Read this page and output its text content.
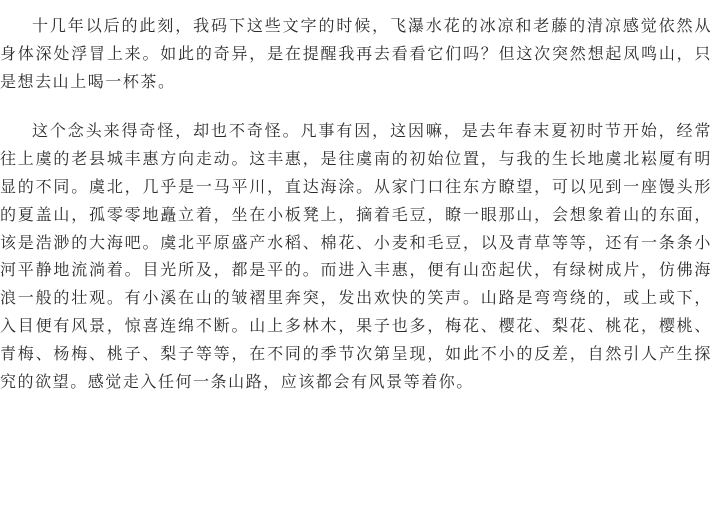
十几年以后的此刻，我码下这些文字的时候，飞瀑水花的冰凉和老藤的清凉感觉依然从身体深处浮冒上来。如此的奇异，是在提醒我再去看看它们吗？但这次突然想起凤鸣山，只是想去山上喝一杯茶。

这个念头来得奇怪，却也不奇怪。凡事有因，这因嘛，是去年春末夏初时节开始，经常往上虞的老县城丰惠方向走动。这丰惠，是往虞南的初始位置，与我的生长地虞北崧厦有明显的不同。虞北，几乎是一马平川，直达海涂。从家门口往东方瞭望，可以见到一座馒头形的夏盖山，孤零零地矗立着，坐在小板凳上，摘着毛豆，瞭一眼那山，会想象着山的东面，该是浩渺的大海吧。虞北平原盛产水稻、棉花、小麦和毛豆，以及青草等等，还有一条条小河平静地流淌着。目光所及，都是平的。而进入丰惠，便有山峦起伏，有绿树成片，仿佛海浪一般的壮观。有小溪在山的皱褶里奔突，发出欢快的笑声。山路是弯弯绕的，或上或下，入目便有风景，惊喜连绵不断。山上多林木，果子也多，梅花、樱花、梨花、桃花，樱桃、青梅、杨梅、桃子、梨子等等，在不同的季节次第呈现，如此不小的反差，自然引人产生探究的欲望。感觉走入任何一条山路，应该都会有风景等着你。
